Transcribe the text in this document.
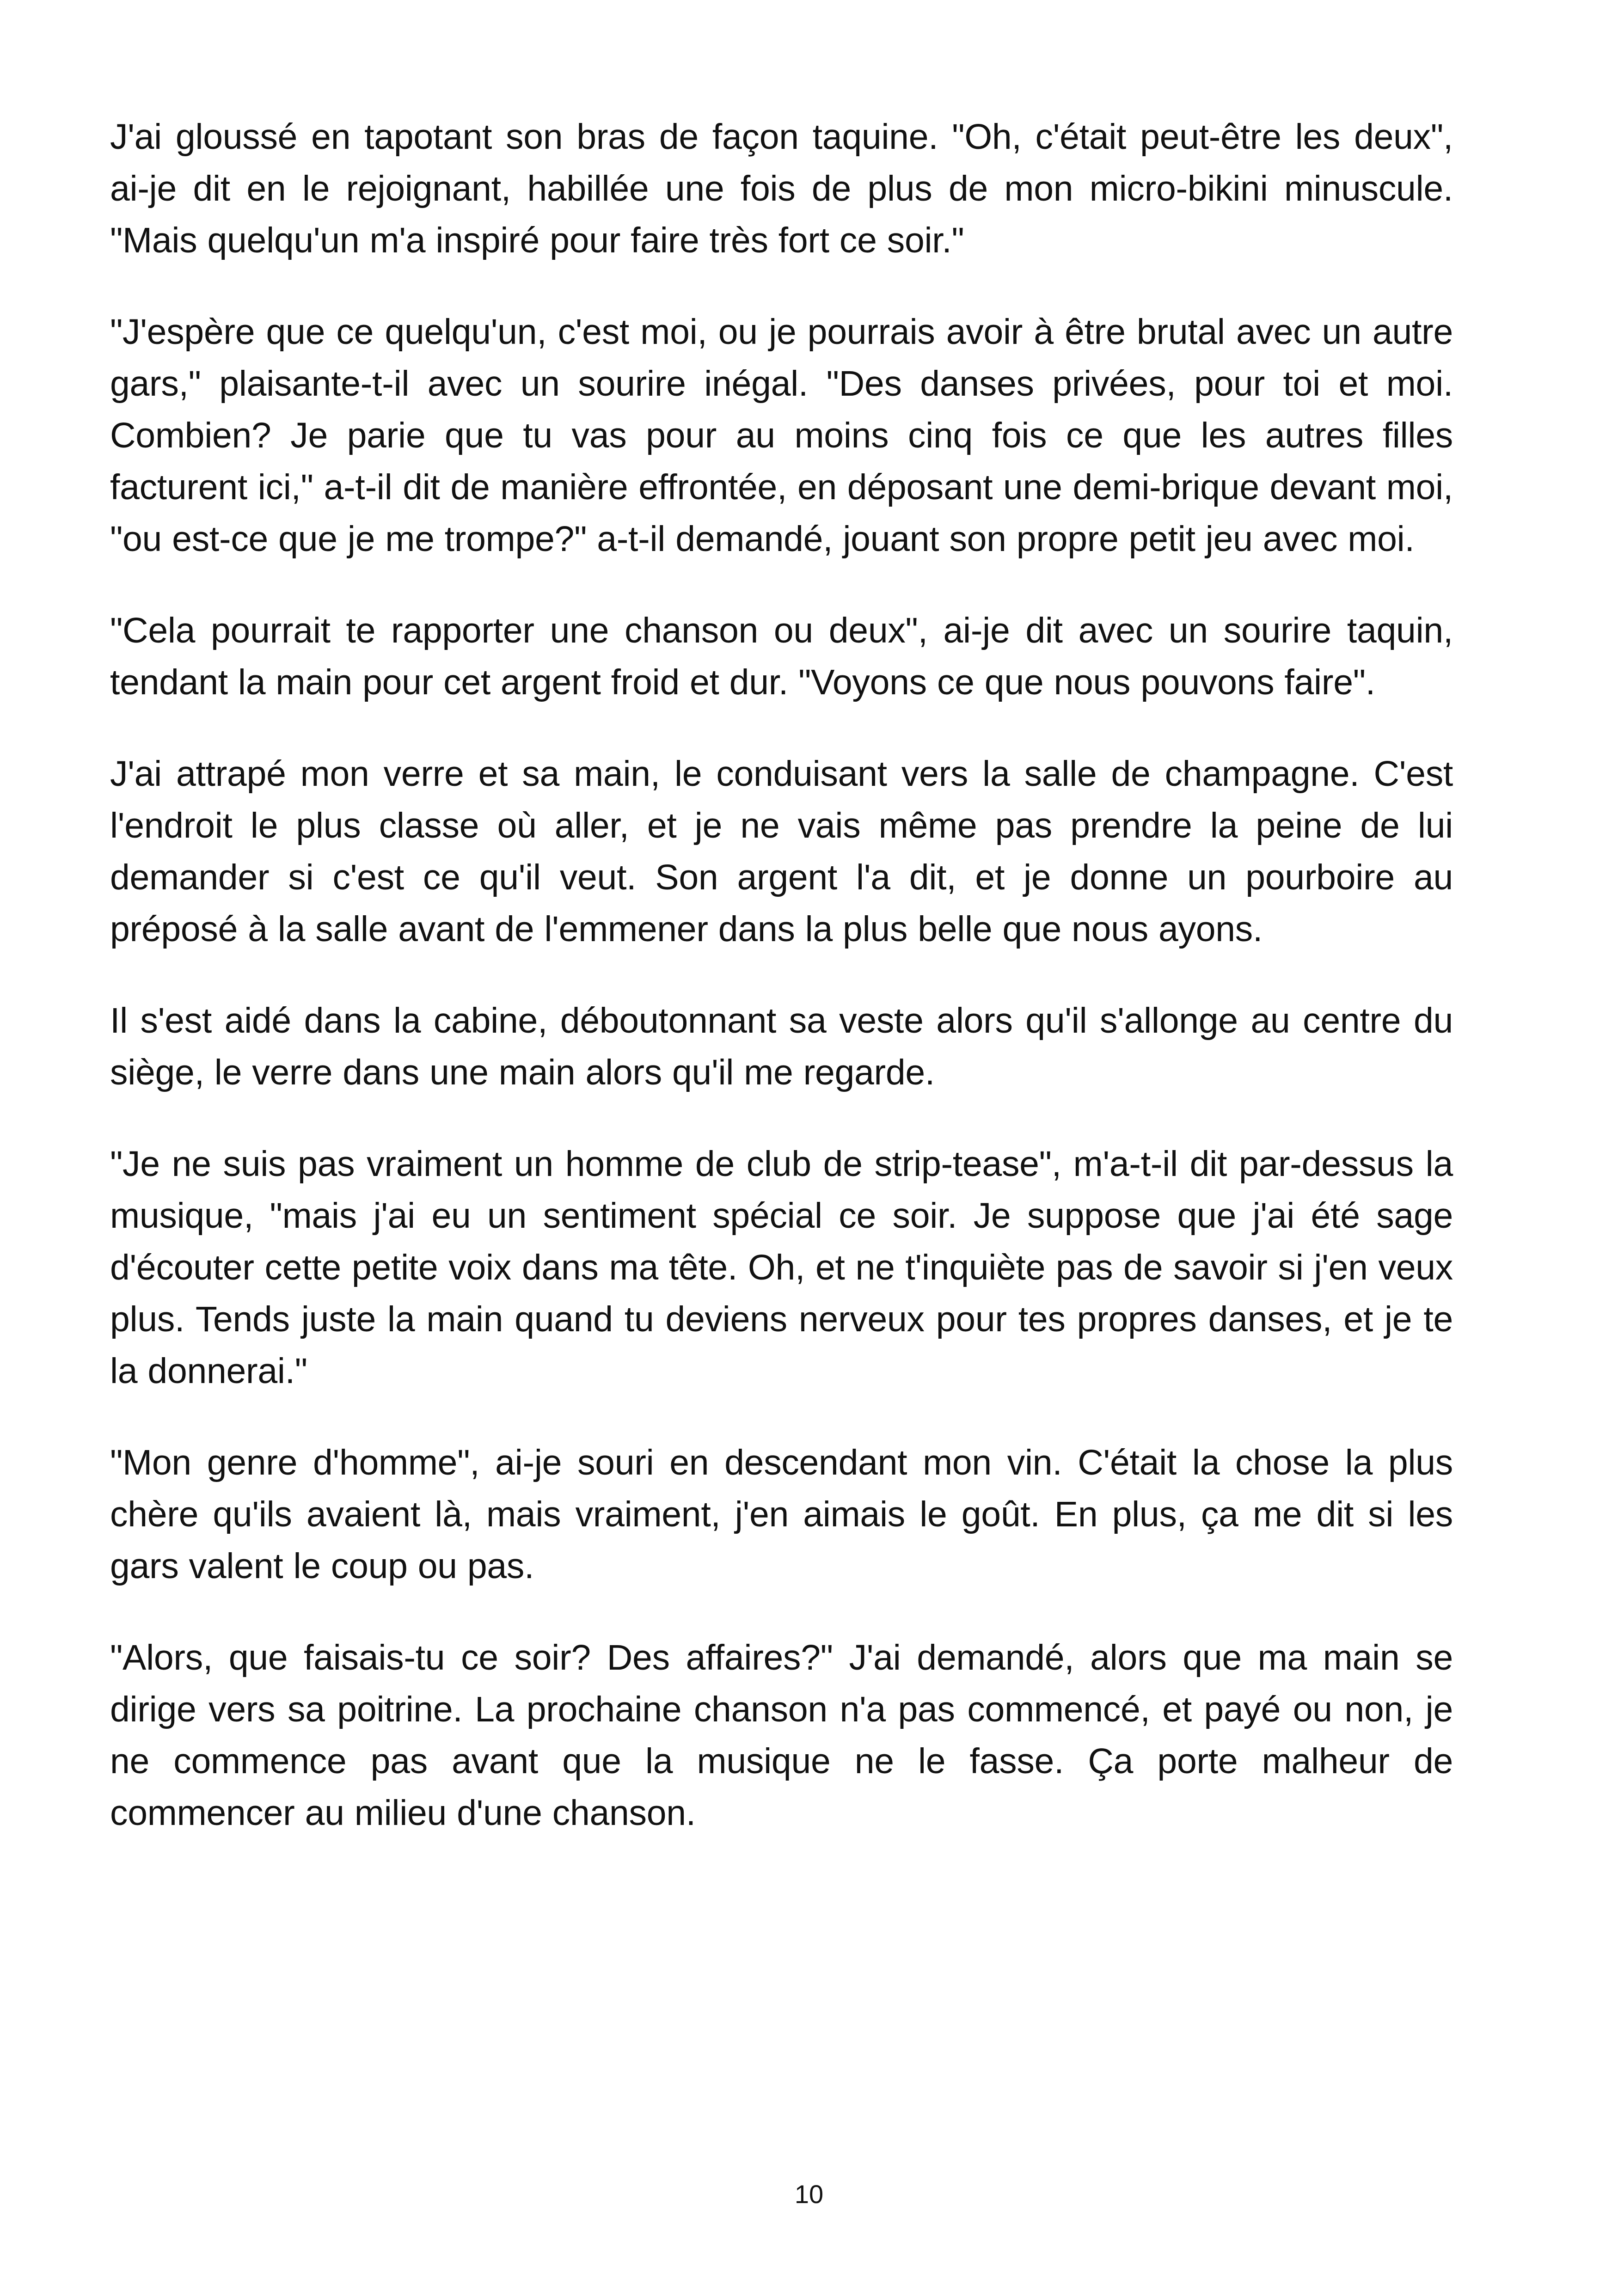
J'ai gloussé en tapotant son bras de façon taquine. "Oh, c'était peut-être les deux", ai-je dit en le rejoignant, habillée une fois de plus de mon micro-bikini minuscule. "Mais quelqu'un m'a inspiré pour faire très fort ce soir."

"J'espère que ce quelqu'un, c'est moi, ou je pourrais avoir à être brutal avec un autre gars," plaisante-t-il avec un sourire inégal. "Des danses privées, pour toi et moi. Combien? Je parie que tu vas pour au moins cinq fois ce que les autres filles facturent ici," a-t-il dit de manière effrontée, en déposant une demi-brique devant moi, "ou est-ce que je me trompe?" a-t-il demandé, jouant son propre petit jeu avec moi.

"Cela pourrait te rapporter une chanson ou deux", ai-je dit avec un sourire taquin, tendant la main pour cet argent froid et dur. "Voyons ce que nous pouvons faire".

J'ai attrapé mon verre et sa main, le conduisant vers la salle de champagne. C'est l'endroit le plus classe où aller, et je ne vais même pas prendre la peine de lui demander si c'est ce qu'il veut. Son argent l'a dit, et je donne un pourboire au préposé à la salle avant de l'emmener dans la plus belle que nous ayons.

Il s'est aidé dans la cabine, déboutonnant sa veste alors qu'il s'allonge au centre du siège, le verre dans une main alors qu'il me regarde.

"Je ne suis pas vraiment un homme de club de strip-tease", m'a-t-il dit par-dessus la musique, "mais j'ai eu un sentiment spécial ce soir. Je suppose que j'ai été sage d'écouter cette petite voix dans ma tête. Oh, et ne t'inquiète pas de savoir si j'en veux plus. Tends juste la main quand tu deviens nerveux pour tes propres danses, et je te la donnerai."

"Mon genre d'homme", ai-je souri en descendant mon vin. C'était la chose la plus chère qu'ils avaient là, mais vraiment, j'en aimais le goût. En plus, ça me dit si les gars valent le coup ou pas.

"Alors, que faisais-tu ce soir? Des affaires?" J'ai demandé, alors que ma main se dirige vers sa poitrine. La prochaine chanson n'a pas commencé, et payé ou non, je ne commence pas avant que la musique ne le fasse. Ça porte malheur de commencer au milieu d'une chanson.

10
